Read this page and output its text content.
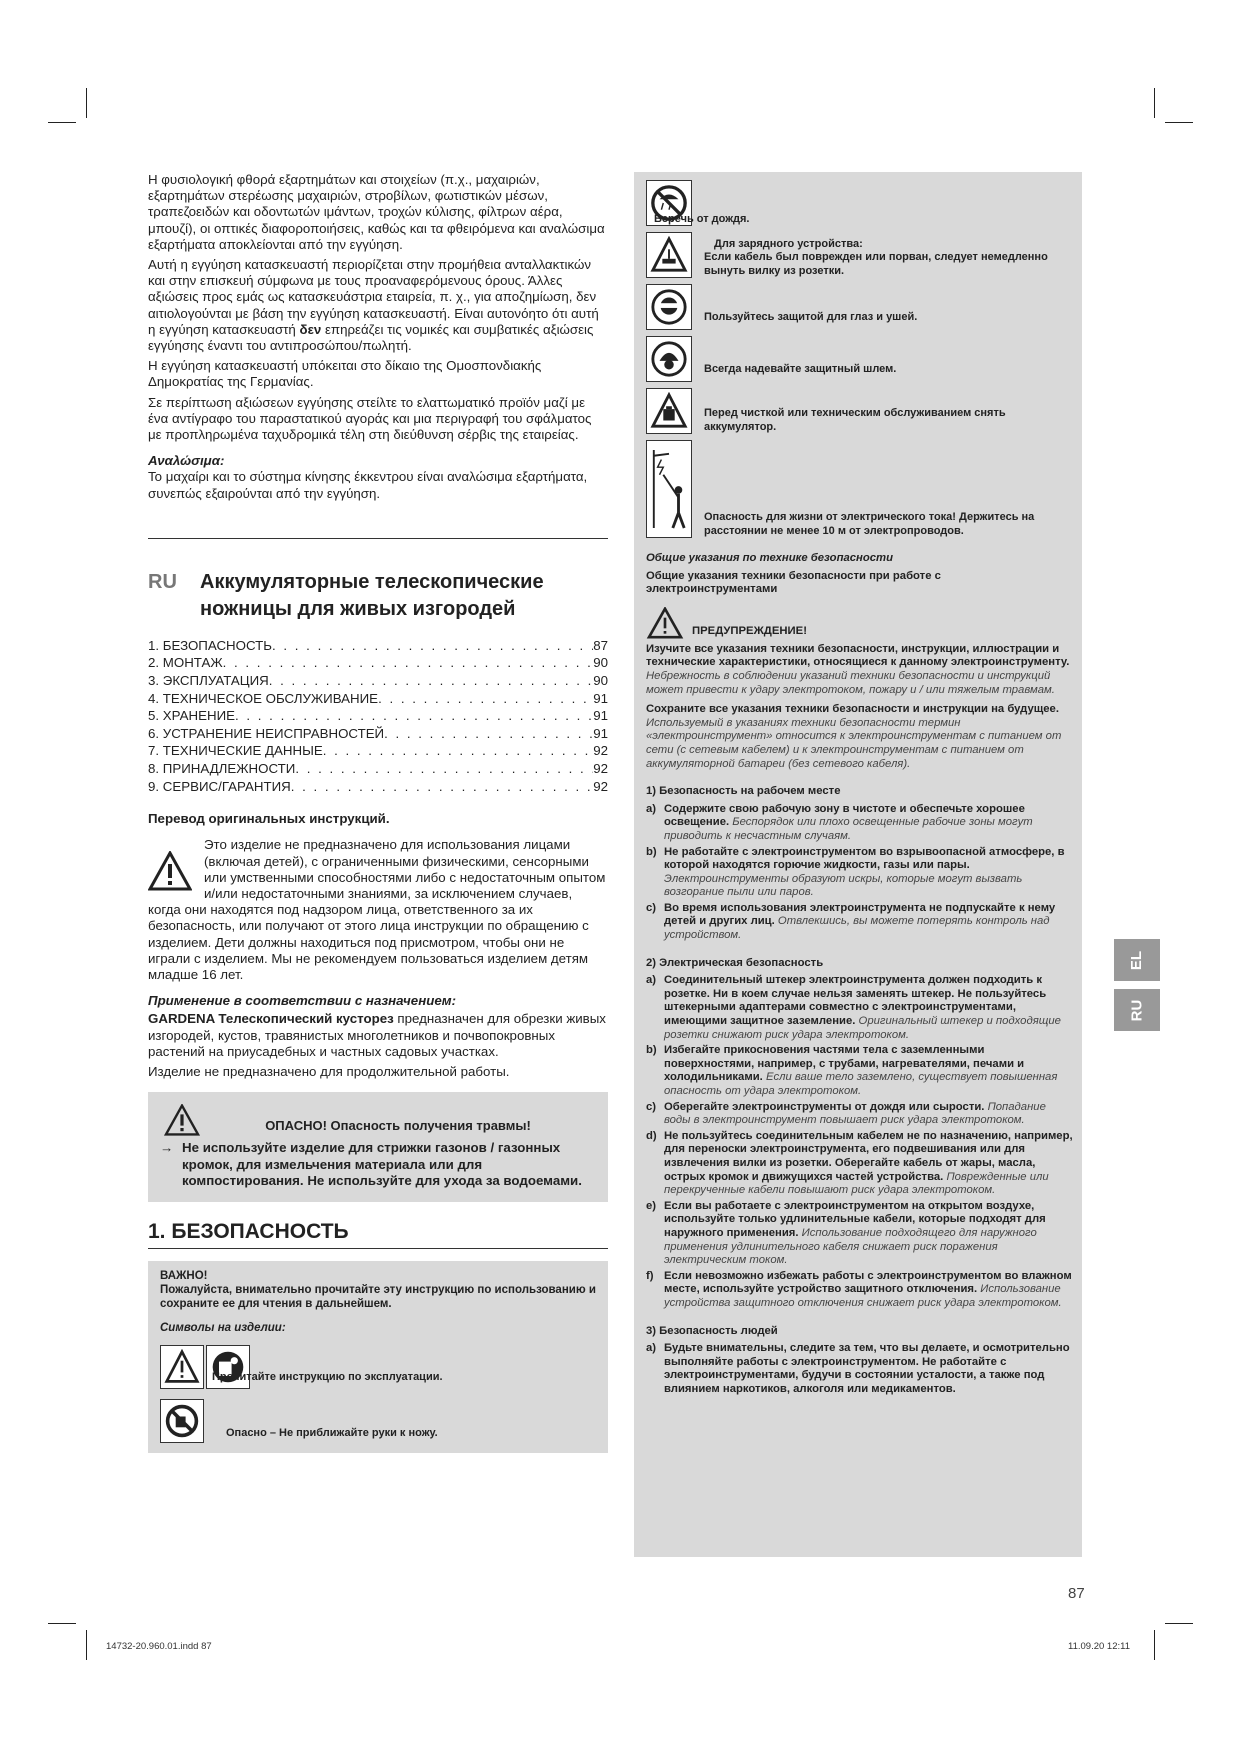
Η φυσιολογική φθορά εξαρτημάτων και στοιχείων (π.χ., μαχαιριών, εξαρτημάτων στερέωσης μαχαιριών, στροβίλων, φωτιστικών μέσων, τραπεζοειδών και οδοντωτών ιμάντων, τροχών κύλισης, φίλτρων αέρα, μπουζί), οι οπτικές διαφοροποιήσεις, καθώς και τα φθειρόμενα και αναλώσιμα εξαρτήματα αποκλείονται από την εγγύηση.

Αυτή η εγγύηση κατασκευαστή περιορίζεται στην προμήθεια ανταλλακτικών και στην επισκευή σύμφωνα με τους προαναφερόμενους όρους. Άλλες αξιώσεις προς εμάς ως κατασκευάστρια εταιρεία, π. χ., για αποζημίωση, δεν αιτιολογούνται με βάση την εγγύηση κατασκευαστή. Είναι αυτονόητο ότι αυτή η εγγύηση κατασκευαστή δεν επηρεάζει τις νομικές και συμβατικές αξιώσεις εγγύησης έναντι του αντιπροσώπου/πωλητή.

Η εγγύηση κατασκευαστή υπόκειται στο δίκαιο της Ομοσπονδιακής Δημοκρατίας της Γερμανίας.

Σε περίπτωση αξιώσεων εγγύησης στείλτε το ελαττωματικό προϊόν μαζί με ένα αντίγραφο του παραστατικού αγοράς και μια περιγραφή του σφάλματος με προπληρωμένα ταχυδρομικά τέλη στη διεύθυνση σέρβις της εταιρείας.

Αναλώσιμα:

Το μαχαίρι και το σύστημα κίνησης έκκεντρου είναι αναλώσιμα εξαρτήματα, συνεπώς εξαιρούνται από την εγγύηση.

RU	Аккумуляторные телескопические ножницы для живых изгородей
1. БЕЗОПАСНОСТЬ . . .	87
2. МОНТАЖ . . .	90
3. ЭКСПЛУАТАЦИЯ . . .	90
4. ТЕХНИЧЕСКОЕ ОБСЛУЖИВАНИЕ . . .	91
5. ХРАНЕНИЕ . . .	91
6. УСТРАНЕНИЕ НЕИСПРАВНОСТЕЙ . . .	91
7. ТЕХНИЧЕСКИЕ ДАННЫЕ . . .	92
8. ПРИНАДЛЕЖНОСТИ . . .	92
9. СЕРВИС/ГАРАНТИЯ . . .	92

Перевод оригинальных инструкций.

Это изделие не предназначено для использования лицами (включая детей), с ограниченными физическими, сенсорными или умственными способностями либо с недостаточным опытом и/или недостаточными знаниями, за исключением случаев, когда они находятся под надзором лица, ответственного за их безопасность, или получают от этого лица инструкции по обращению с изделием. Дети должны находиться под присмотром, чтобы они не играли с изделием. Мы не рекомендуем пользоваться изделием детям младше 16 лет.

Применение в соответствии с назначением:

GARDENA Телескопический кусторез предназначен для обрезки живых изгородей, кустов, травянистых многолетников и почвопокровных растений на приусадебных и частных садовых участках.

Изделие не предназначено для продолжительной работы.

ОПАСНО! Опасность получения травмы!
→ Не используйте изделие для стрижки газонов / газонных кромок, для измельчения материала или для компостирования. Не используйте для ухода за водоемами.
1. БЕЗОПАСНОСТЬ
ВАЖНО!
Пожалуйста, внимательно прочитайте эту инструкцию по использованию и сохраните ее для чтения в дальнейшем.
Символы на изделии:
Прочитайте инструкцию по эксплуатации.
Опасно – Не приближайте руки к ножу.
Беречь от дождя.
Для зарядного устройства:
Если кабель был поврежден или порван, следует немедленно вынуть вилку из розетки.
Пользуйтесь защитой для глаз и ушей.
Всегда надевайте защитный шлем.
Перед чисткой или техническим обслуживанием снять аккумулятор.
Опасность для жизни от электрического тока! Держитесь на расстоянии не менее 10 м от электропроводов.
Общие указания по технике безопасности
Общие указания техники безопасности при работе с электроинструментами
ПРЕДУПРЕЖДЕНИЕ!

Изучите все указания техники безопасности, инструкции, иллюстрации и технические характеристики, относящиеся к данному электроинструменту. Небрежность в соблюдении указаний техники безопасности и инструкций может привести к удару электротоком, пожару и / или тяжелым травмам.

Сохраните все указания техники безопасности и инструкции на будущее. Используемый в указаниях техники безопасности термин «электроинструмент» относится к электроинструментам с питанием от сети (с сетевым кабелем) и к электроинструментам с питанием от аккумуляторной батареи (без сетевого кабеля).

1) Безопасность на рабочем месте
a) Содержите свою рабочую зону в чистоте и обеспечьте хорошее освещение. Беспорядок или плохо освещенные рабочие зоны могут приводить к несчастным случаям.
b) Не работайте с электроинструментом во взрывоопасной атмосфере, в которой находятся горючие жидкости, газы или пары. Электроинструменты образуют искры, которые могут вызвать возгорание пыли или паров.
c) Во время использования электроинструмента не подпускайте к нему детей и других лиц. Отвлекшись, вы можете потерять контроль над устройством.
2) Электрическая безопасность
a) Соединительный штекер электроинструмента должен подходить к розетке. Ни в коем случае нельзя заменять штекер. Не пользуйтесь штекерными адаптерами совместно с электроинструментами, имеющими защитное заземление. Оригинальный штекер и подходящие розетки снижают риск удара электротоком.
b) Избегайте прикосновения частями тела с заземленными поверхностями, например, с трубами, нагревателями, печами и холодильниками. Если ваше тело заземлено, существует повышенная опасность от удара электротоком.
c) Оберегайте электроинструменты от дождя или сырости. Попадание воды в электроинструмент повышает риск удара электротоком.
d) Не пользуйтесь соединительным кабелем не по назначению, например, для переноски электроинструмента, его подвешивания или для извлечения вилки из розетки. Оберегайте кабель от жары, масла, острых кромок и движущихся частей устройства. Поврежденные или перекрученные кабели повышают риск удара электротоком.
e) Если вы работаете с электроинструментом на открытом воздухе, используйте только удлинительные кабели, которые подходят для наружного применения. Использование подходящего для наружного применения удлинительного кабеля снижает риск поражения электрическим током.
f) Если невозможно избежать работы с электроинструментом во влажном месте, используйте устройство защитного отключения. Использование устройства защитного отключения снижает риск удара электротоком.
3) Безопасность людей
a) Будьте внимательны, следите за тем, что вы делаете, и осмотрительно выполняйте работы с электроинструментом. Не работайте с электроинструментами, будучи в состоянии усталости, а также под влиянием наркотиков, алкоголя или медикаментов.
EL
RU
87
14732-20.960.01.indd 87	11.09.20 12:11
